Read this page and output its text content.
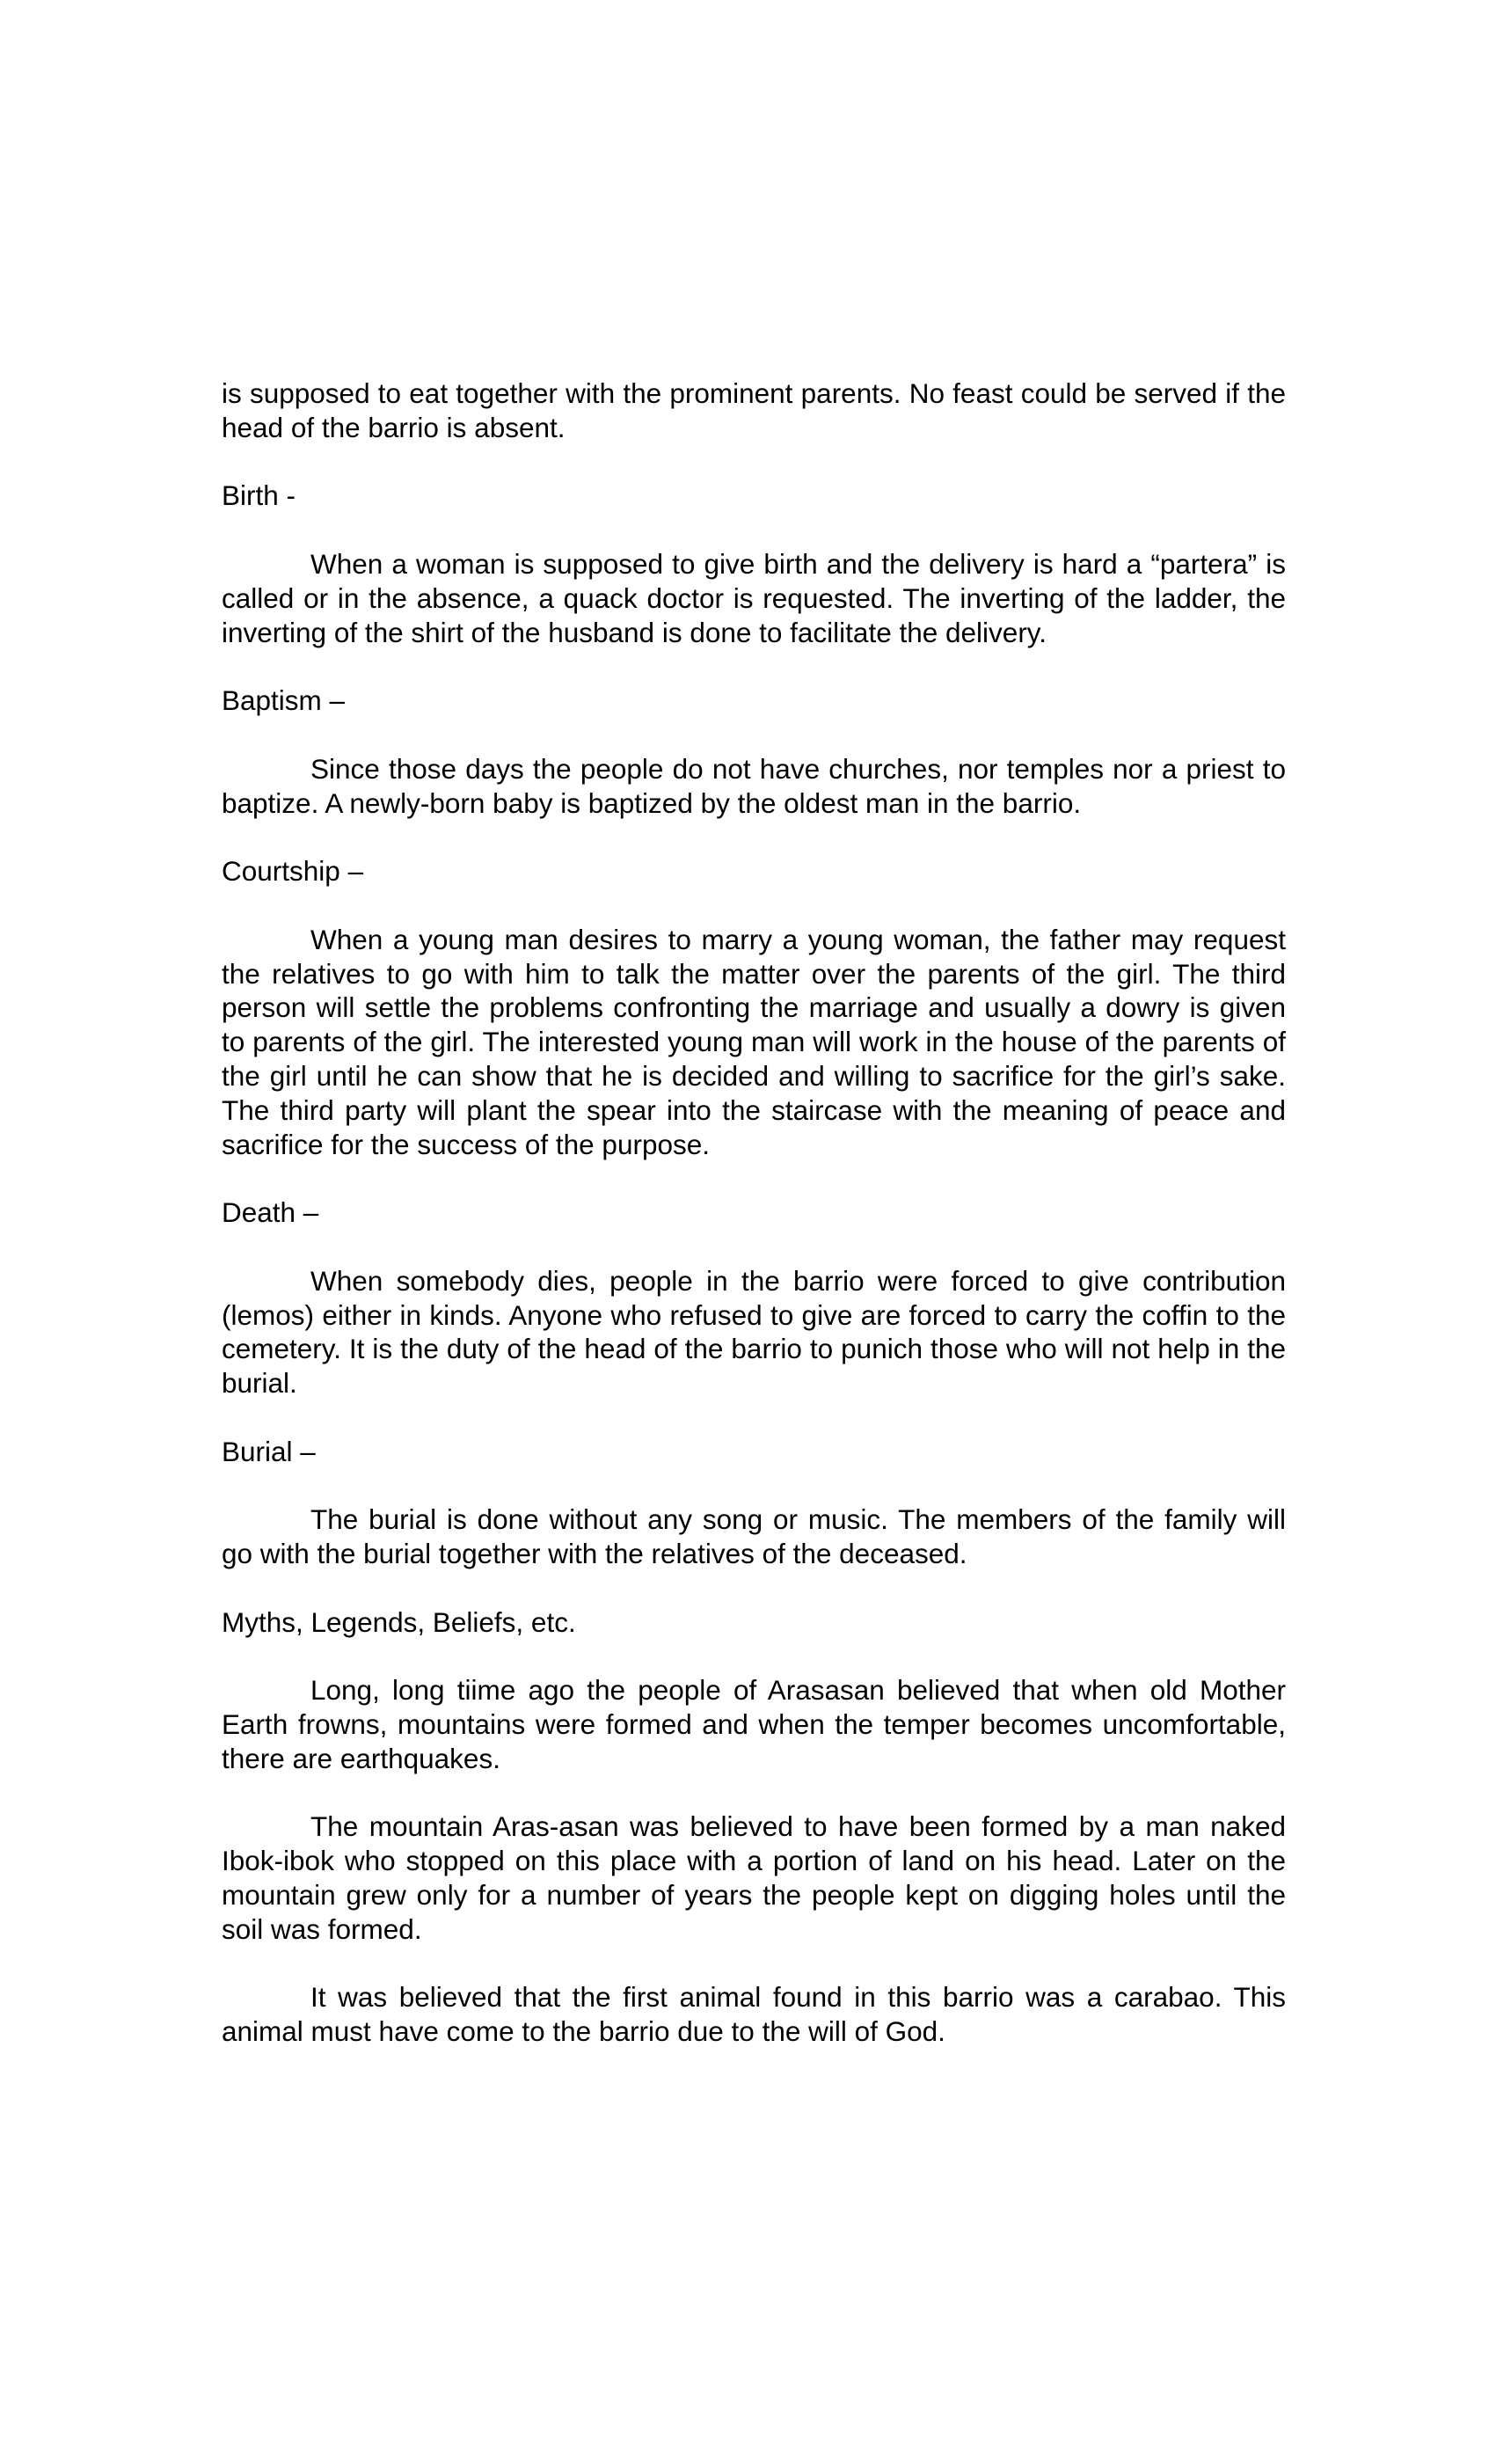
is supposed to eat together with the prominent parents. No feast could be served if the head of the barrio is absent.

Birth -

When a woman is supposed to give birth and the delivery is hard a “partera” is called or in the absence, a quack doctor is requested. The inverting of the ladder, the inverting of the shirt of the husband is done to facilitate the delivery.

Baptism –

Since those days the people do not have churches, nor temples nor a priest to baptize. A newly-born baby is baptized by the oldest man in the barrio.

Courtship –

When a young man desires to marry a young woman, the father may request the relatives to go with him to talk the matter over the parents of the girl. The third person will settle the problems confronting the marriage and usually a dowry is given to parents of the girl. The interested young man will work in the house of the parents of the girl until he can show that he is decided and willing to sacrifice for the girl’s sake. The third party will plant the spear into the staircase with the meaning of peace and sacrifice for the success of the purpose.

Death –

When somebody dies, people in the barrio were forced to give contribution (lemos) either in kinds. Anyone who refused to give are forced to carry the coffin to the cemetery. It is the duty of the head of the barrio to punich those who will not help in the burial.

Burial –

The burial is done without any song or music. The members of the family will go with the burial together with the relatives of the deceased.

Myths, Legends, Beliefs, etc.

Long, long tiime ago the people of Arasasan believed that when old Mother Earth frowns, mountains were formed and when the temper becomes uncomfortable, there are earthquakes.

The mountain Aras-asan was believed to have been formed by a man naked Ibok-ibok who stopped on this place with a portion of land on his head. Later on the mountain grew only for a number of years the people kept on digging holes until the soil was formed.

It was believed that the first animal found in this barrio was a carabao. This animal must have come to the barrio due to the will of God.
